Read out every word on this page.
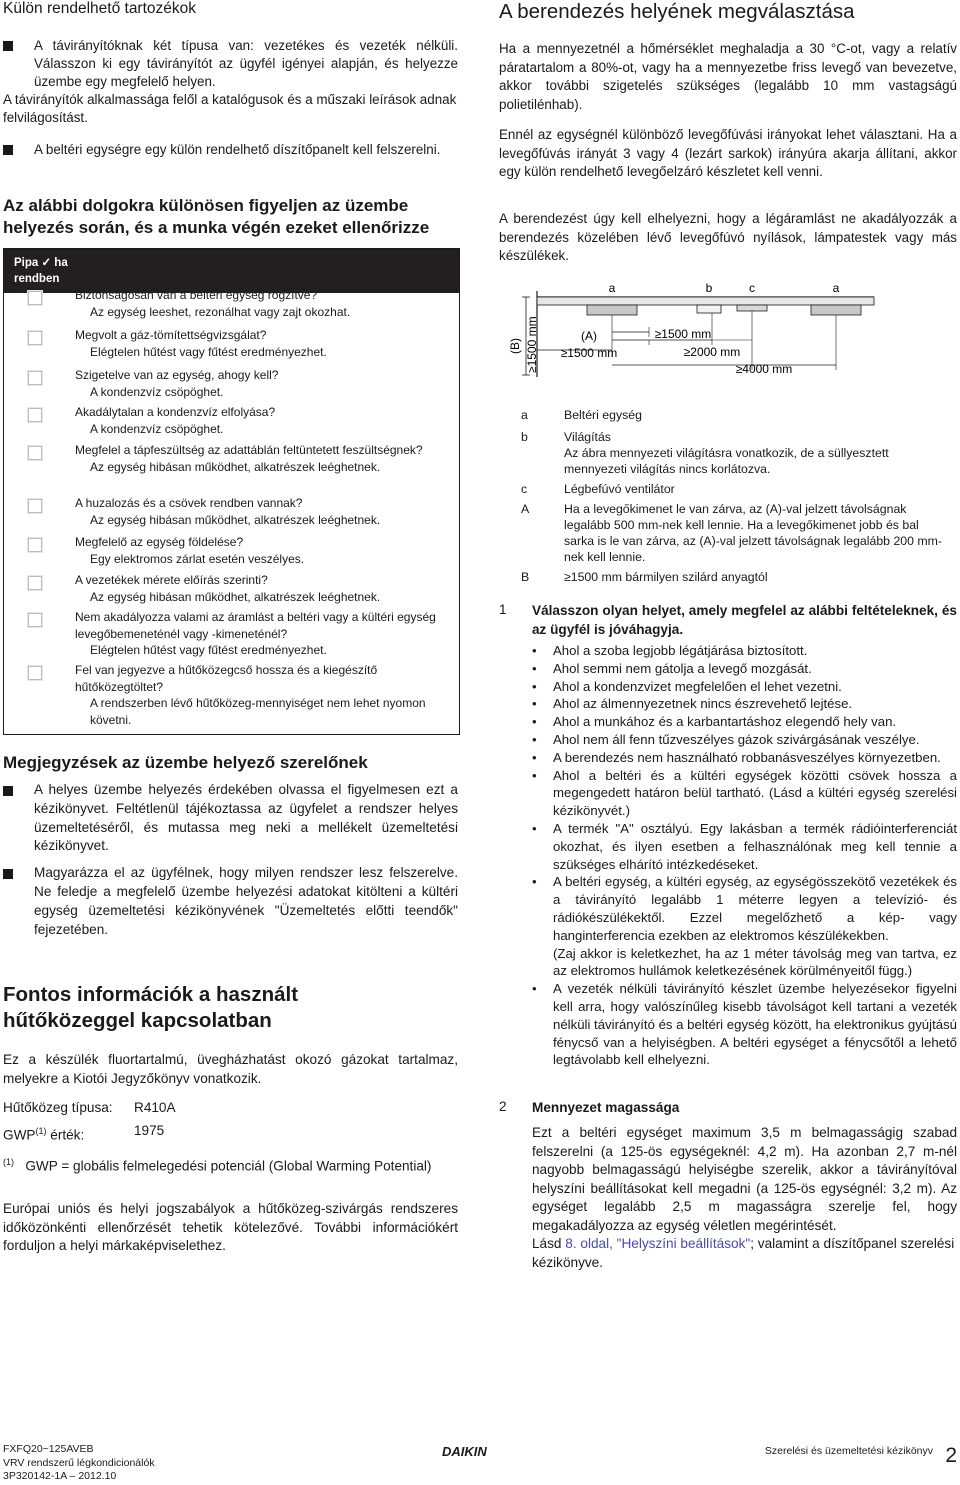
Külön rendelhető tartozékok
A távirányítóknak két típusa van: vezetékes és vezeték nélküli. Válasszon ki egy távirányítót az ügyfél igényei alapján, és helyezze üzembe egy megfelelő helyen.
A távirányítók alkalmassága felől a katalógusok és a műszaki leírások adnak felvilágosítást.
A beltéri egységre egy külön rendelhető díszítőpanelt kell felszerelni.
Az alábbi dolgokra különösen figyeljen az üzembe
helyezés során, és a munka végén ezeket ellenőrizze
Pipa ✓ ha
rendben
Biztonságosan van a beltéri egység rögzítve?
Az egység leeshet, rezonálhat vagy zajt okozhat.
Megvolt a gáz-tömítettségvizsgálat?
Elégtelen hűtést vagy fűtést eredményezhet.
Szigetelve van az egység, ahogy kell?
A kondenzvíz csöpöghet.
Akadálytalan a kondenzvíz elfolyása?
A kondenzvíz csöpöghet.
Megfelel a tápfeszültség az adattáblán feltüntetett feszültségnek?
Az egység hibásan működhet, alkatrészek leéghetnek.
A huzalozás és a csövek rendben vannak?
Az egység hibásan működhet, alkatrészek leéghetnek.
Megfelelő az egység földelése?
Egy elektromos zárlat esetén veszélyes.
A vezetékek mérete előírás szerinti?
Az egység hibásan működhet, alkatrészek leéghetnek.
Nem akadályozza valami az áramlást a beltéri vagy a kültéri egység levegőbemeneténél vagy -kimeneténél?
Elégtelen hűtést vagy fűtést eredményezhet.
Fel van jegyezve a hűtőközegcső hossza és a kiegészítő hűtőközegtöltet?
A rendszerben lévő hűtőközeg-mennyiséget nem lehet nyomon követni.
Megjegyzések az üzembe helyező szerelőnek
A helyes üzembe helyezés érdekében olvassa el figyelmesen ezt a kézikönyvet. Feltétlenül tájékoztassa az ügyfelet a rendszer helyes üzemeltetéséről, és mutassa meg neki a mellékelt üzemeltetési kézikönyvet.
Magyarázza el az ügyfélnek, hogy milyen rendszer lesz felszerelve. Ne feledje a megfelelő üzembe helyezési adatokat kitölteni a kültéri egység üzemeltetési kézikönyvének "Üzemeltetés előtti teendők" fejezetében.
Fontos információk a használt
hűtőközeggel kapcsolatban

Ez a készülék fluortartalmú, üvegházhatást okozó gázokat tartalmaz, melyekre a Kiotói Jegyzőkönyv vonatkozik.

Hűtőközeg típusa: R410A
GWP$^{(1)}$ érték:	1975
$^{(1)}$ GWP = globális felmelegedési potenciál (Global Warming Potential)

Európai uniós és helyi jogszabályok a hűtőközeg-szivárgás rendszeres időközönkénti ellenőrzését tehetik kötelezővé. További információkért forduljon a helyi márkaképviselethez.

A berendezés helyének megválasztása

Ha a mennyezetnél a hőmérséklet meghaladja a 30 °C-ot, vagy a relatív páratartalom a 80%-ot, vagy ha a mennyezetbe friss levegő van bevezetve, akkor további szigetelés szükséges (legalább 10 mm vastagságú polietilénhab).

Ennél az egységnél különböző levegőfúvási irányokat lehet választani. Ha a levegőfúvás irányát 3 vagy 4 (lezárt sarkok) irányúra akarja állítani, akkor egy külön rendelhető levegőelzáró készletet kell venni.

A berendezést úgy kell elhelyezni, hogy a légáramlást ne akadályozzák a berendezés közelében lévő levegőfúvó nyílások, lámpatestek vagy más készülékek.

a	b	c	a
(A)
≥1500 mm
≥1500 mm
≥2000 mm
≥4000 mm
(B) ≥1500 mm
a	Beltéri egység
b	Világítás
Az ábra mennyezeti világításra vonatkozik, de a süllyesztett mennyezeti világítás nincs korlátozva.
c	Légbefúvó ventilátor
A	Ha a levegőkimenet le van zárva, az (A)-val jelzett távolságnak legalább 500 mm-nek kell lennie. Ha a levegőkimenet jobb és bal sarka is le van zárva, az (A)-val jelzett távolságnak legalább 200 mm-nek kell lennie.
B	≥1500 mm bármilyen szilárd anyagtól
1 Válasszon olyan helyet, amely megfelel az alábbi feltételeknek, és az ügyfél is jóváhagyja.
• Ahol a szoba legjobb légátjárása biztosított.
• Ahol semmi nem gátolja a levegő mozgását.
• Ahol a kondenzvizet megfelelően el lehet vezetni.
• Ahol az álmennyezetnek nincs észrevehető lejtése.
• Ahol a munkához és a karbantartáshoz elegendő hely van.
• Ahol nem áll fenn tűzveszélyes gázok szivárgásának veszélye.
• A berendezés nem használható robbanásveszélyes környezetben.
• Ahol a beltéri és a kültéri egységek közötti csövek hossza a megengedett határon belül tartható. (Lásd a kültéri egység szerelési kézikönyvét.)
• A termék "A" osztályú. Egy lakásban a termék rádióinterferenciát okozhat, és ilyen esetben a felhasználónak meg kell tennie a szükséges elhárító intézkedéseket.
• A beltéri egység, a kültéri egység, az egységösszekötő vezetékek és a távirányító legalább 1 méterre legyen a televízió- és rádiókészülékektől. Ezzel megelőzhető a kép- vagy hanginterferencia ezekben az elektromos készülékekben.
(Zaj akkor is keletkezhet, ha az 1 méter távolság meg van tartva, ez az elektromos hullámok keletkezésének körülményeitől függ.)
• A vezeték nélküli távirányító készlet üzembe helyezésekor figyelni kell arra, hogy valószínűleg kisebb távolságot kell tartani a vezeték nélküli távirányító és a beltéri egység között, ha elektronikus gyújtású fénycső van a helyiségben. A beltéri egységet a fénycsőtől a lehető legtávolabb kell elhelyezni.
2 Mennyezet magassága
Ezt a beltéri egységet maximum 3,5 m belmagasságig szabad felszerelni (a 125-ös egységeknél: 4,2 m). Ha azonban 2,7 m-nél nagyobb belmagasságú helyiségbe szerelik, akkor a távirányítóval helyszíni beállításokat kell megadni (a 125-ös egységnél: 3,2 m). Az egységet legalább 2,5 m magasságra szerelje fel, hogy megakadályozza az egység véletlen megérintését.
Lásd 8. oldal, "Helyszíni beállítások"; valamint a díszítőpanel szerelési kézikönyve.
FXFQ20~125AVEB
VRV rendszerű légkondicionálók
3P320142-1A – 2012.10
DAIKIN	Szerelési és üzemeltetési kézikönyv 2
